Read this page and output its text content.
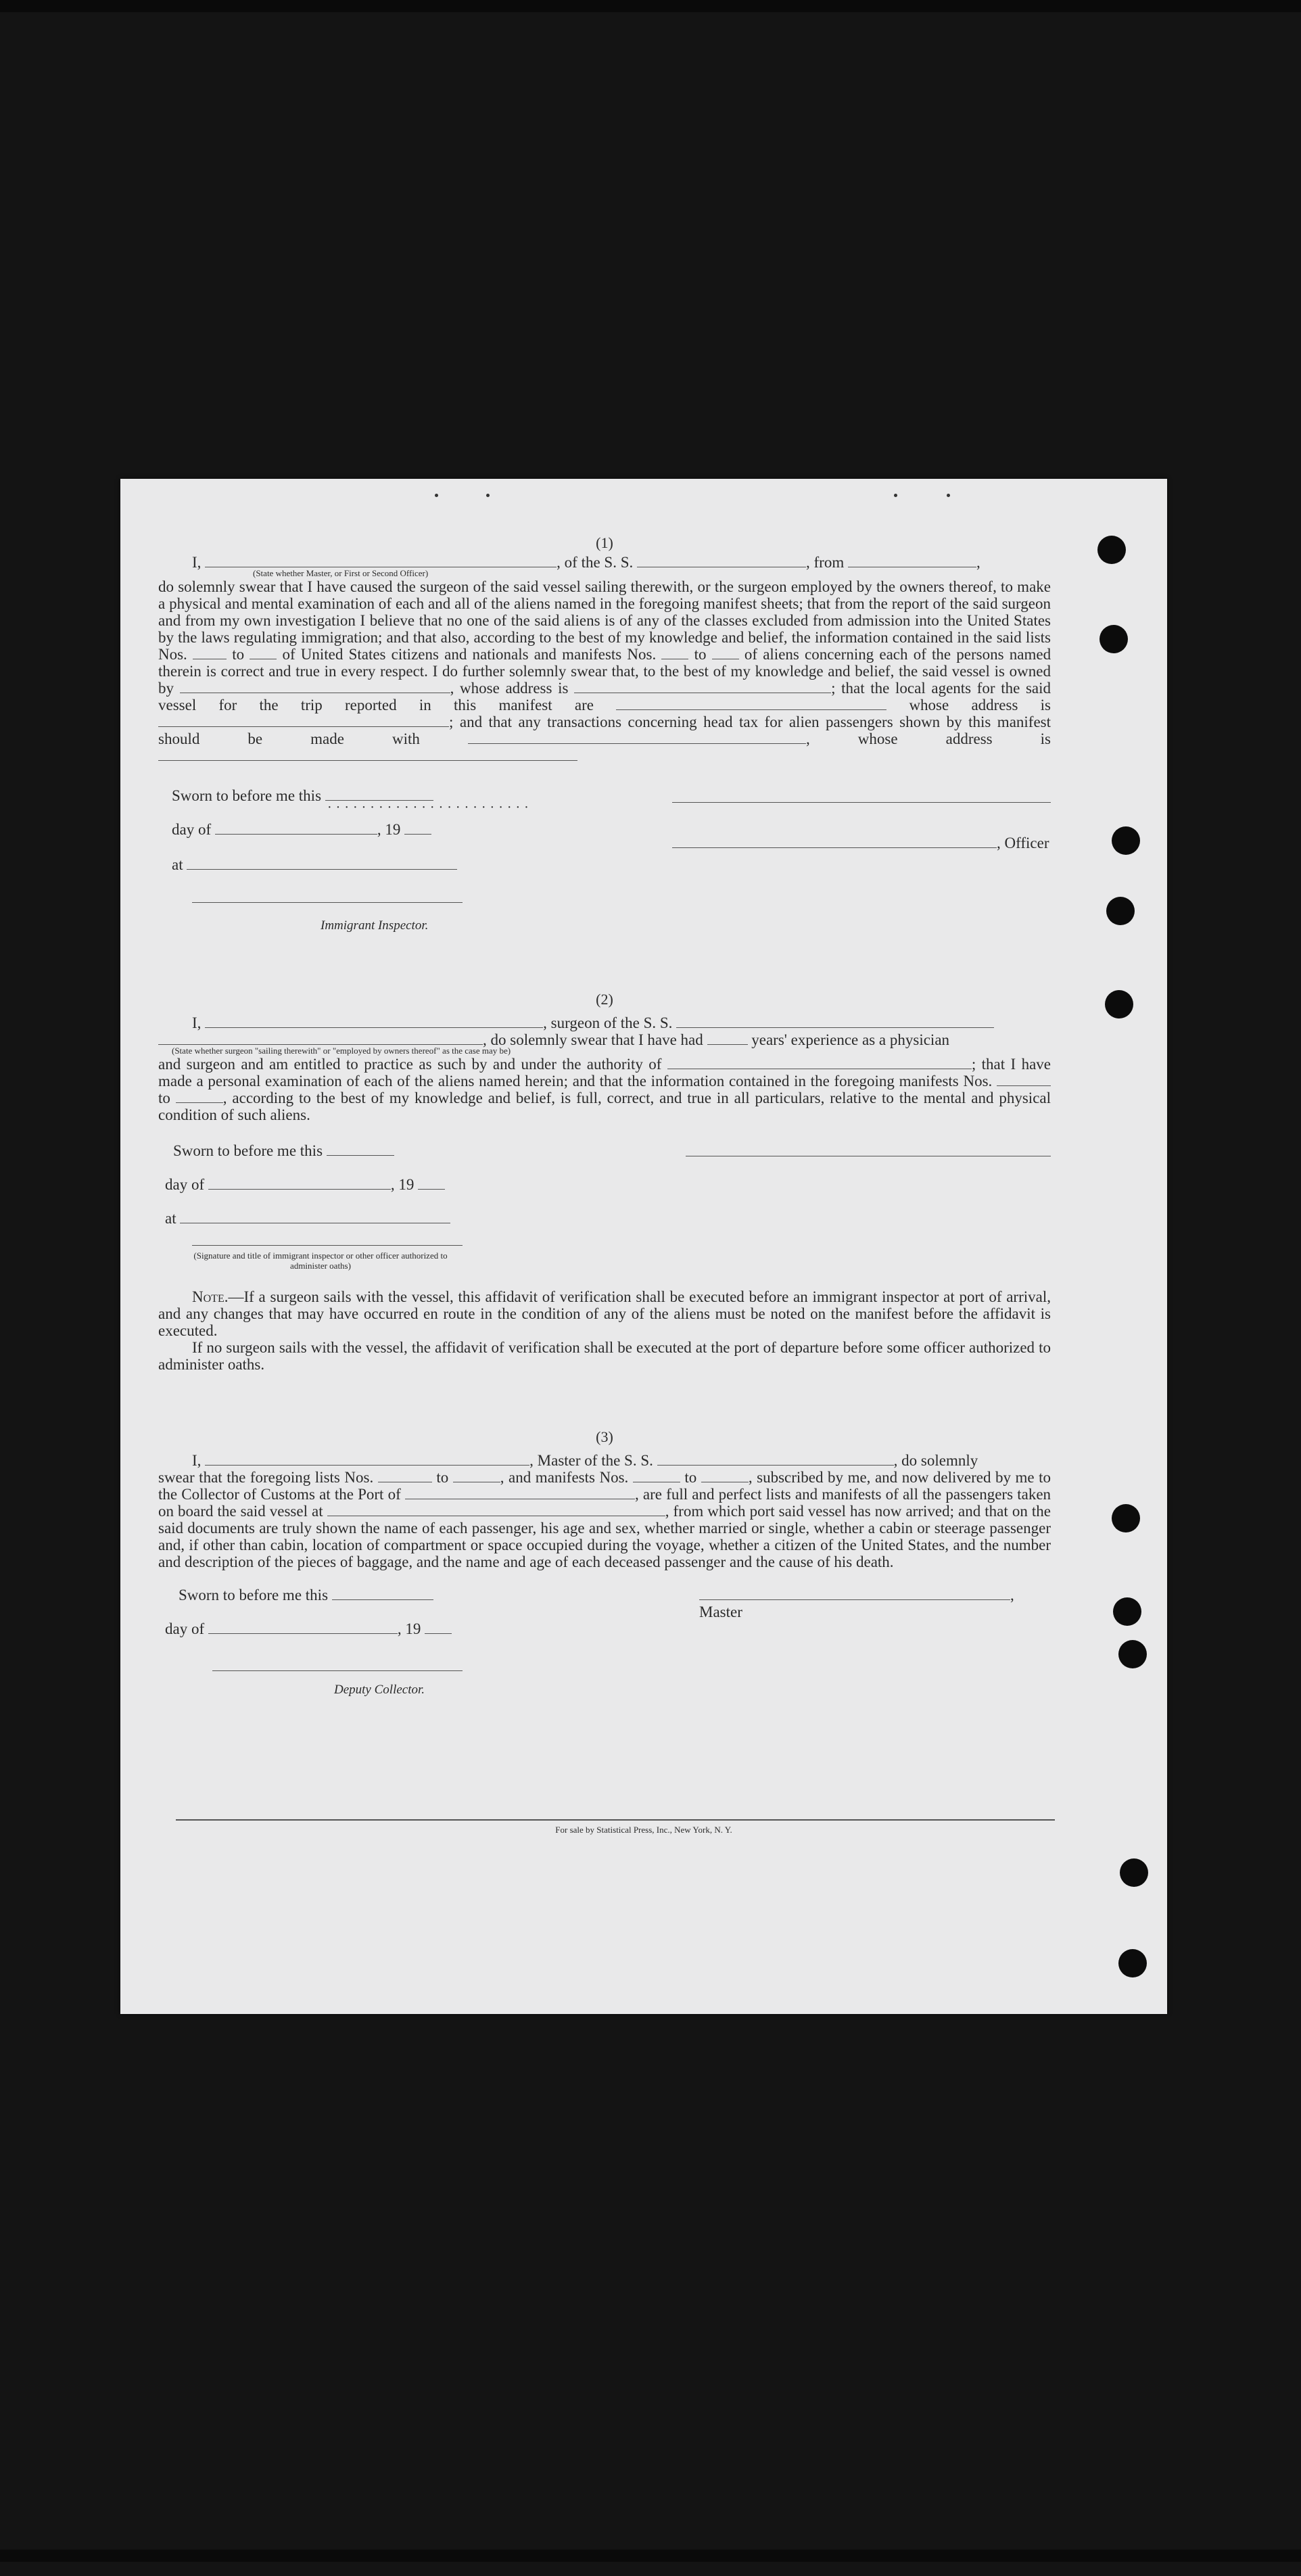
(1)
I,	, of the S. S.	, from	,
(State whether Master, or First or Second Officer)

do solemnly swear that I have caused the surgeon of the said vessel sailing therewith, or the surgeon employed by the owners thereof, to make a physical and mental examination of each and all of the aliens named in the foregoing manifest sheets; that from the report of the said surgeon and from my own investigation I believe that no one of the said aliens is of any of the classes excluded from admission into the United States by the laws regulating immigration; and that also, according to the best of my knowledge and belief, the information contained in the said lists Nos.	to of United States citizens and nationals and manifests Nos. to of aliens concerning each of the persons named therein is correct and true in every respect. I do further solemnly swear that, to the best of my knowledge and belief, the said vessel is owned by	, whose address is	; that the local agents for the said vessel for the trip reported in this manifest are	whose address is ; and that any transactions concerning head tax for alien passengers shown by this manifest should be made with	, whose address is

Sworn to before me this
························
day of	, 19
at
, Officer
Immigrant Inspector.
(2)
I,	, surgeon of the S. S.
, do solemnly swear that I have had	years' experience as a physician
(State whether surgeon "sailing therewith" or "employed by owners thereof" as the case may be)

and surgeon and am entitled to practice as such by and under the authority of	; that I have made a personal examination of each of the aliens named herein; and that the information contained in the foregoing manifests Nos.  to	, according to the best of my knowledge and belief, is full, correct, and true in all particulars, relative to the mental and physical condition of such aliens.

Sworn to before me this
day of	, 19
at
(Signature and title of immigrant inspector or other officer authorized to administer oaths)

Note.—If a surgeon sails with the vessel, this affidavit of verification shall be executed before an immigrant inspector at port of arrival, and any changes that may have occurred en route in the condition of any of the aliens must be noted on the manifest before the affidavit is executed.

If no surgeon sails with the vessel, the affidavit of verification shall be executed at the port of departure before some officer authorized to administer oaths.

(3)
I,	, Master of the S. S.	, do solemnly

swear that the foregoing lists Nos.	to	, and manifests Nos.	to	, subscribed by me, and now delivered by me to the Collector of Customs at the Port of	, are full and perfect lists and manifests of all the passengers taken on board the said vessel at	, from which port said vessel has now arrived; and that on the said documents are truly shown the name of each passenger, his age and sex, whether married or single, whether a cabin or steerage passenger and, if other than cabin, location of compartment or space occupied during the voyage, whether a citizen of the United States, and the number and description of the pieces of baggage, and the name and age of each deceased passenger and the cause of his death.

Sworn to before me this	, Master
day of	, 19
Deputy Collector.
For sale by Statistical Press, Inc., New York, N. Y.
